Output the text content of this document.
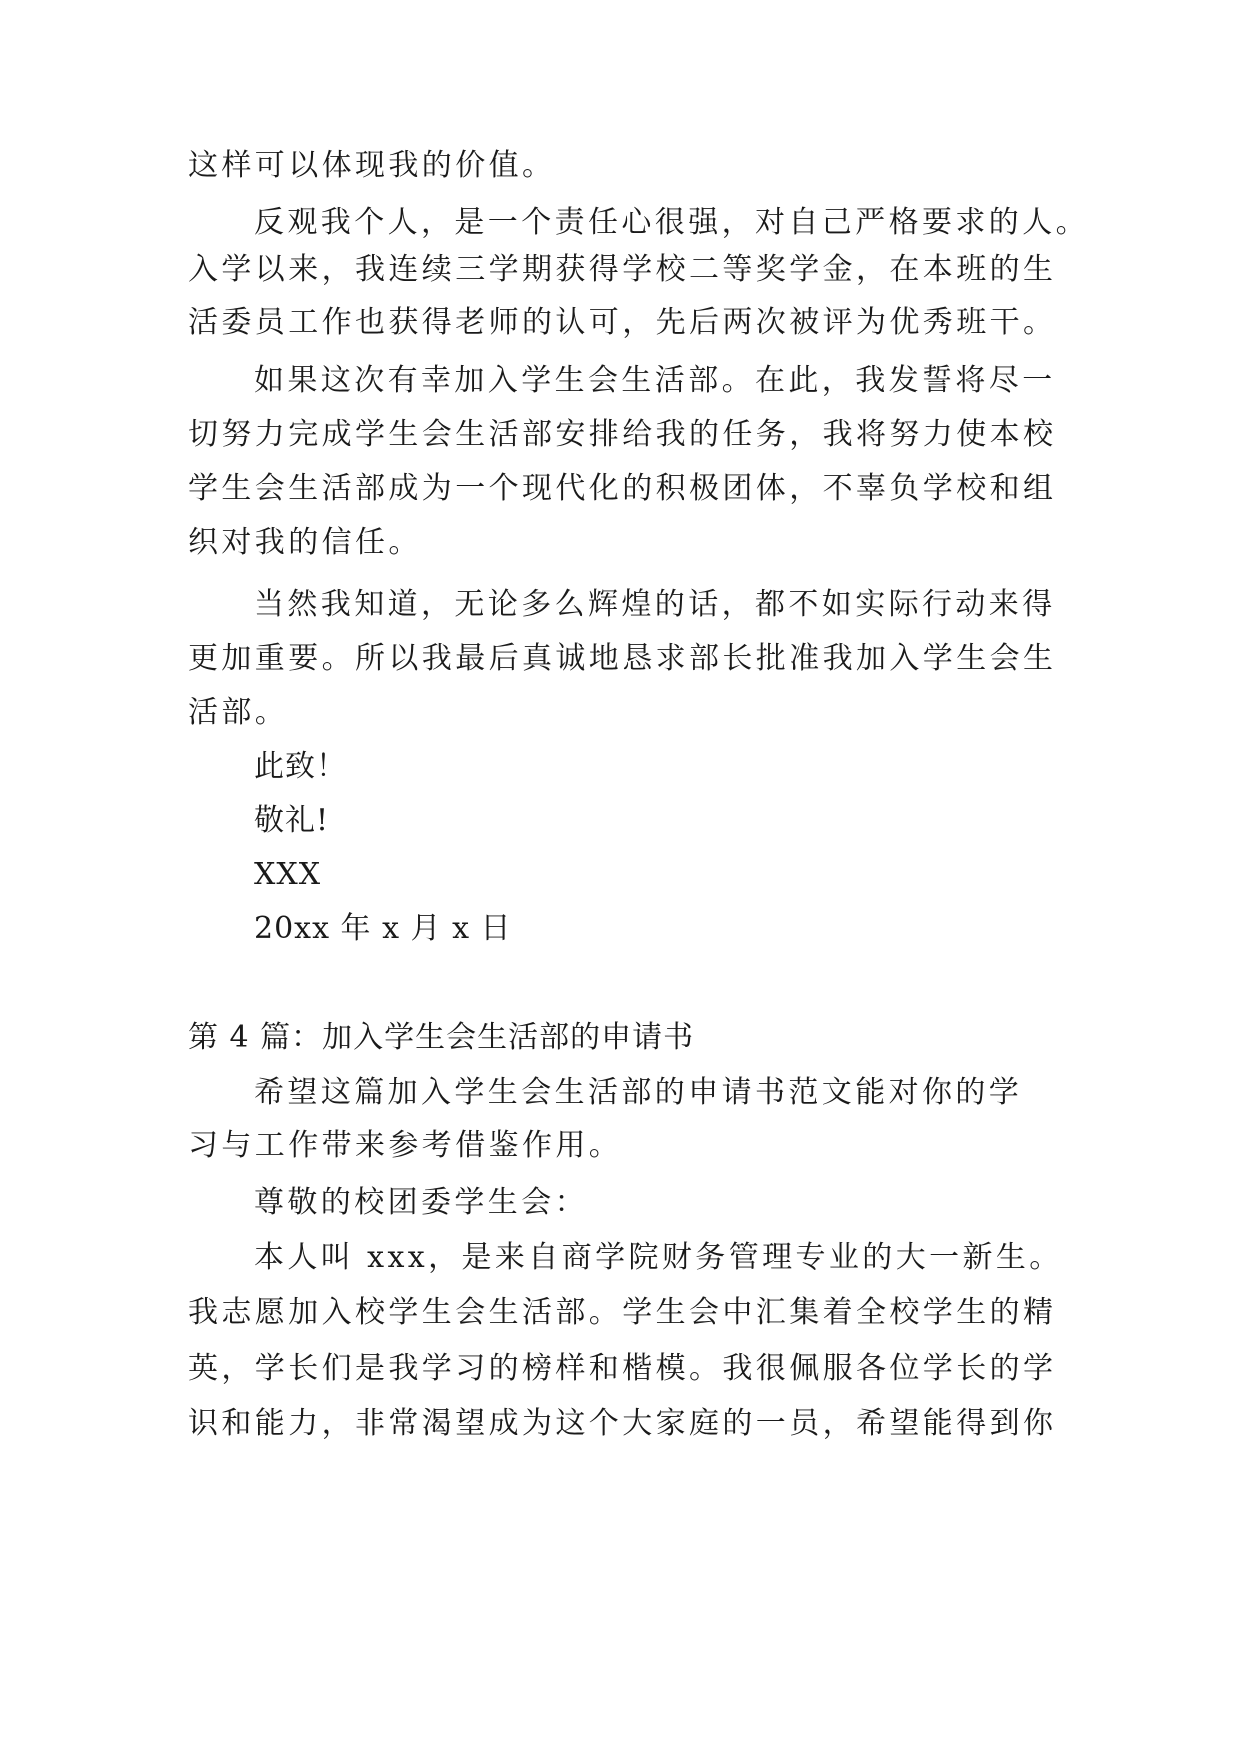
这样可以体现我的价值。
反观我个人，是一个责任心很强，对自己严格要求的人。
入学以来，我连续三学期获得学校二等奖学金，在本班的生
活委员工作也获得老师的认可，先后两次被评为优秀班干。
如果这次有幸加入学生会生活部。在此，我发誓将尽一
切努力完成学生会生活部安排给我的任务，我将努力使本校
学生会生活部成为一个现代化的积极团体，不辜负学校和组
织对我的信任。
当然我知道，无论多么辉煌的话，都不如实际行动来得
更加重要。所以我最后真诚地恳求部长批准我加入学生会生
活部。
此致！
敬礼!
XXX
20xx 年 x 月 x 日
第 4 篇：加入学生会生活部的申请书
希望这篇加入学生会生活部的申请书范文能对你的学
习与工作带来参考借鉴作用。
尊敬的校团委学生会：
本人叫 xxx，是来自商学院财务管理专业的大一新生。
我志愿加入校学生会生活部。学生会中汇集着全校学生的精
英，学长们是我学习的榜样和楷模。我很佩服各位学长的学
识和能力，非常渴望成为这个大家庭的一员，希望能得到你
